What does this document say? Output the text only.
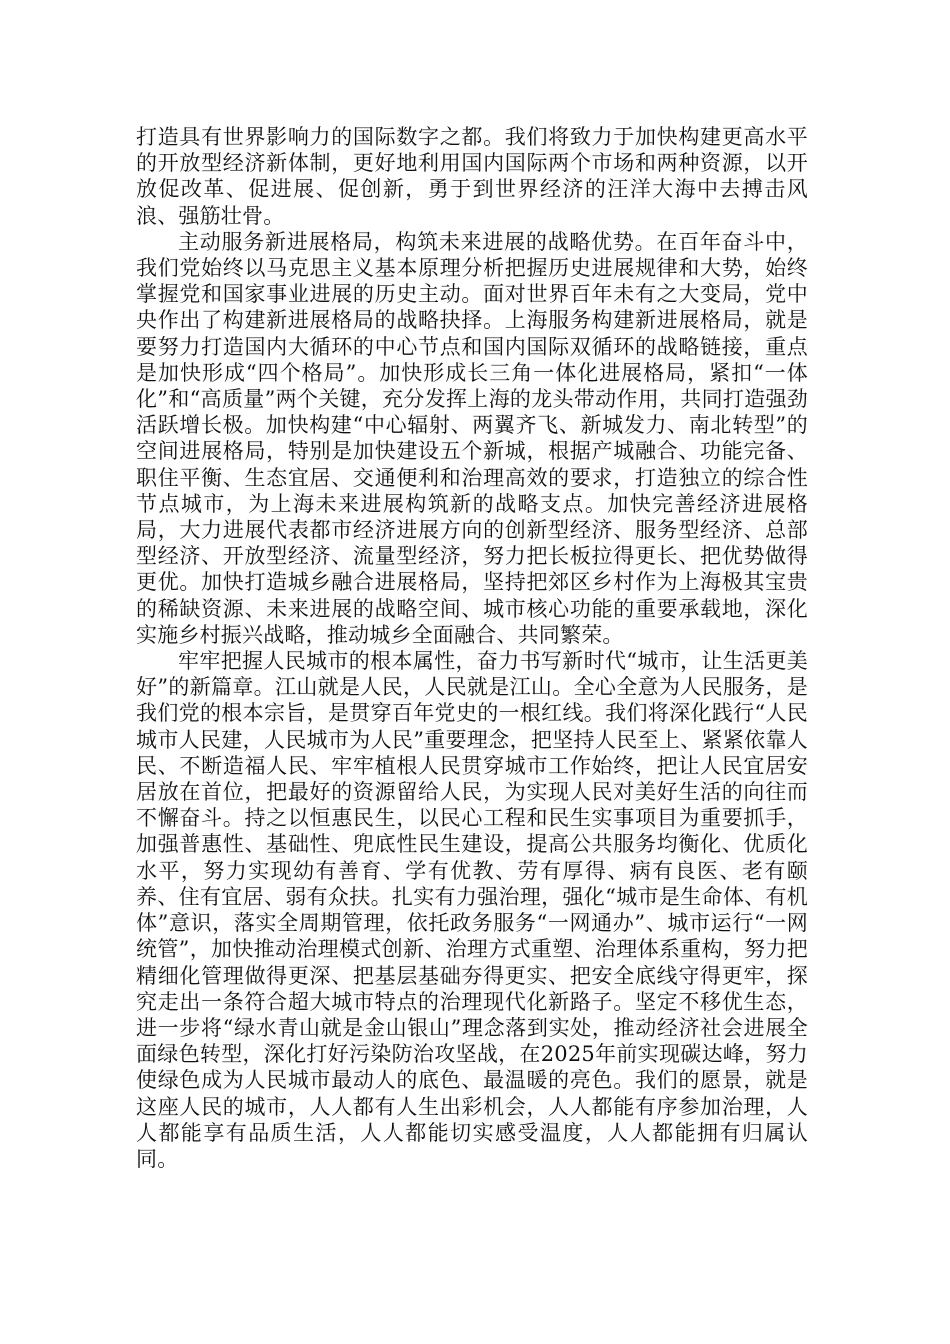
打造具有世界影响力的国际数字之都。我们将致力于加快构建更高水平的开放型经济新体制，更好地利用国内国际两个市场和两种资源，以开放促改革、促进展、促创新，勇于到世界经济的汪洋大海中去搏击风浪、强筋壮骨。

主动服务新进展格局，构筑未来进展的战略优势。在百年奋斗中，我们党始终以马克思主义基本原理分析把握历史进展规律和大势，始终掌握党和国家事业进展的历史主动。面对世界百年未有之大变局，党中央作出了构建新进展格局的战略抉择。上海服务构建新进展格局，就是要努力打造国内大循环的中心节点和国内国际双循环的战略链接，重点是加快形成“四个格局”。加快形成长三角一体化进展格局，紧扣“一体化”和“高质量”两个关键，充分发挥上海的龙头带动作用，共同打造强劲活跃增长极。加快构建“中心辐射、两翼齐飞、新城发力、南北转型”的空间进展格局，特别是加快建设五个新城，根据产城融合、功能完备、职住平衡、生态宜居、交通便利和治理高效的要求，打造独立的综合性节点城市，为上海未来进展构筑新的战略支点。加快完善经济进展格局，大力进展代表都市经济进展方向的创新型经济、服务型经济、总部型经济、开放型经济、流量型经济，努力把长板拉得更长、把优势做得更优。加快打造城乡融合进展格局，坚持把郊区乡村作为上海极其宝贵的稀缺资源、未来进展的战略空间、城市核心功能的重要承载地，深化实施乡村振兴战略，推动城乡全面融合、共同繁荣。

牢牢把握人民城市的根本属性，奋力书写新时代“城市，让生活更美好”的新篇章。江山就是人民，人民就是江山。全心全意为人民服务，是我们党的根本宗旨，是贯穿百年党史的一根红线。我们将深化践行“人民城市人民建，人民城市为人民”重要理念，把坚持人民至上、紧紧依靠人民、不断造福人民、牢牢植根人民贯穿城市工作始终，把让人民宜居安居放在首位，把最好的资源留给人民，为实现人民对美好生活的向往而不懈奋斗。持之以恒惠民生，以民心工程和民生实事项目为重要抓手，加强普惠性、基础性、兜底性民生建设，提高公共服务均衡化、优质化水平，努力实现幼有善育、学有优教、劳有厚得、病有良医、老有颐养、住有宜居、弱有众扶。扎实有力强治理，强化“城市是生命体、有机体”意识，落实全周期管理，依托政务服务“一网通办”、城市运行“一网统管”，加快推动治理模式创新、治理方式重塑、治理体系重构，努力把精细化管理做得更深、把基层基础夯得更实、把安全底线守得更牢，探究走出一条符合超大城市特点的治理现代化新路子。坚定不移优生态，进一步将“绿水青山就是金山银山”理念落到实处，推动经济社会进展全面绿色转型，深化打好污染防治攻坚战，在2025年前实现碳达峰，努力使绿色成为人民城市最动人的底色、最温暖的亮色。我们的愿景，就是这座人民的城市，人人都有人生出彩机会，人人都能有序参加治理，人人都能享有品质生活，人人都能切实感受温度，人人都能拥有归属认同。
